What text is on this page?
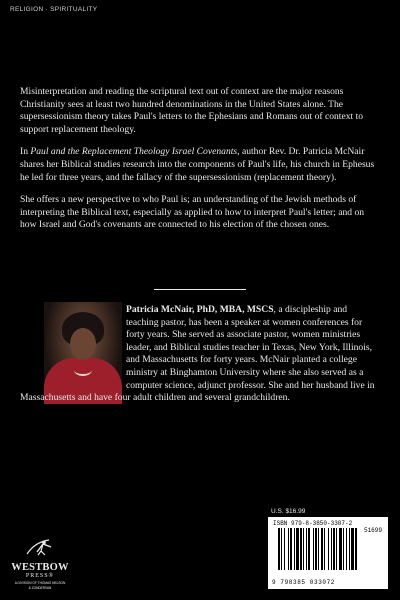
RELIGION · SPIRITUALITY

Misinterpretation and reading the scriptural text out of context are the major reasons Christianity sees at least two hundred denominations in the United States alone. The supersessionism theory takes Paul's letters to the Ephesians and Romans out of context to support replacement theology.

In Paul and the Replacement Theology Israel Covenants, author Rev. Dr. Patricia McNair shares her Biblical studies research into the components of Paul's life, his church in Ephesus he led for three years, and the fallacy of the supersessionism (replacement theory).

She offers a new perspective to who Paul is; an understanding of the Jewish methods of interpreting the Biblical text, especially as applied to how to interpret Paul's letter; and on how Israel and God's covenants are connected to his election of the chosen ones.

Patricia McNair, PhD, MBA, MSCS, a discipleship and teaching pastor, has been a speaker at women conferences for forty years. She served as associate pastor, women ministries leader, and Biblical studies teacher in Texas, New York, Illinois, and Massachusetts for forty years. McNair planted a college ministry at Binghamton University where she also served as a computer science, adjunct professor. She and her husband live in Massachusetts and have four adult children and several grandchildren.
WESTBOW
PRESS®
A DIVISION OF THOMAS NELSON
& ZONDERVAN
U.S. $16.99
ISBN 979-8-3850-3307-2
51699
9 798385 033072
